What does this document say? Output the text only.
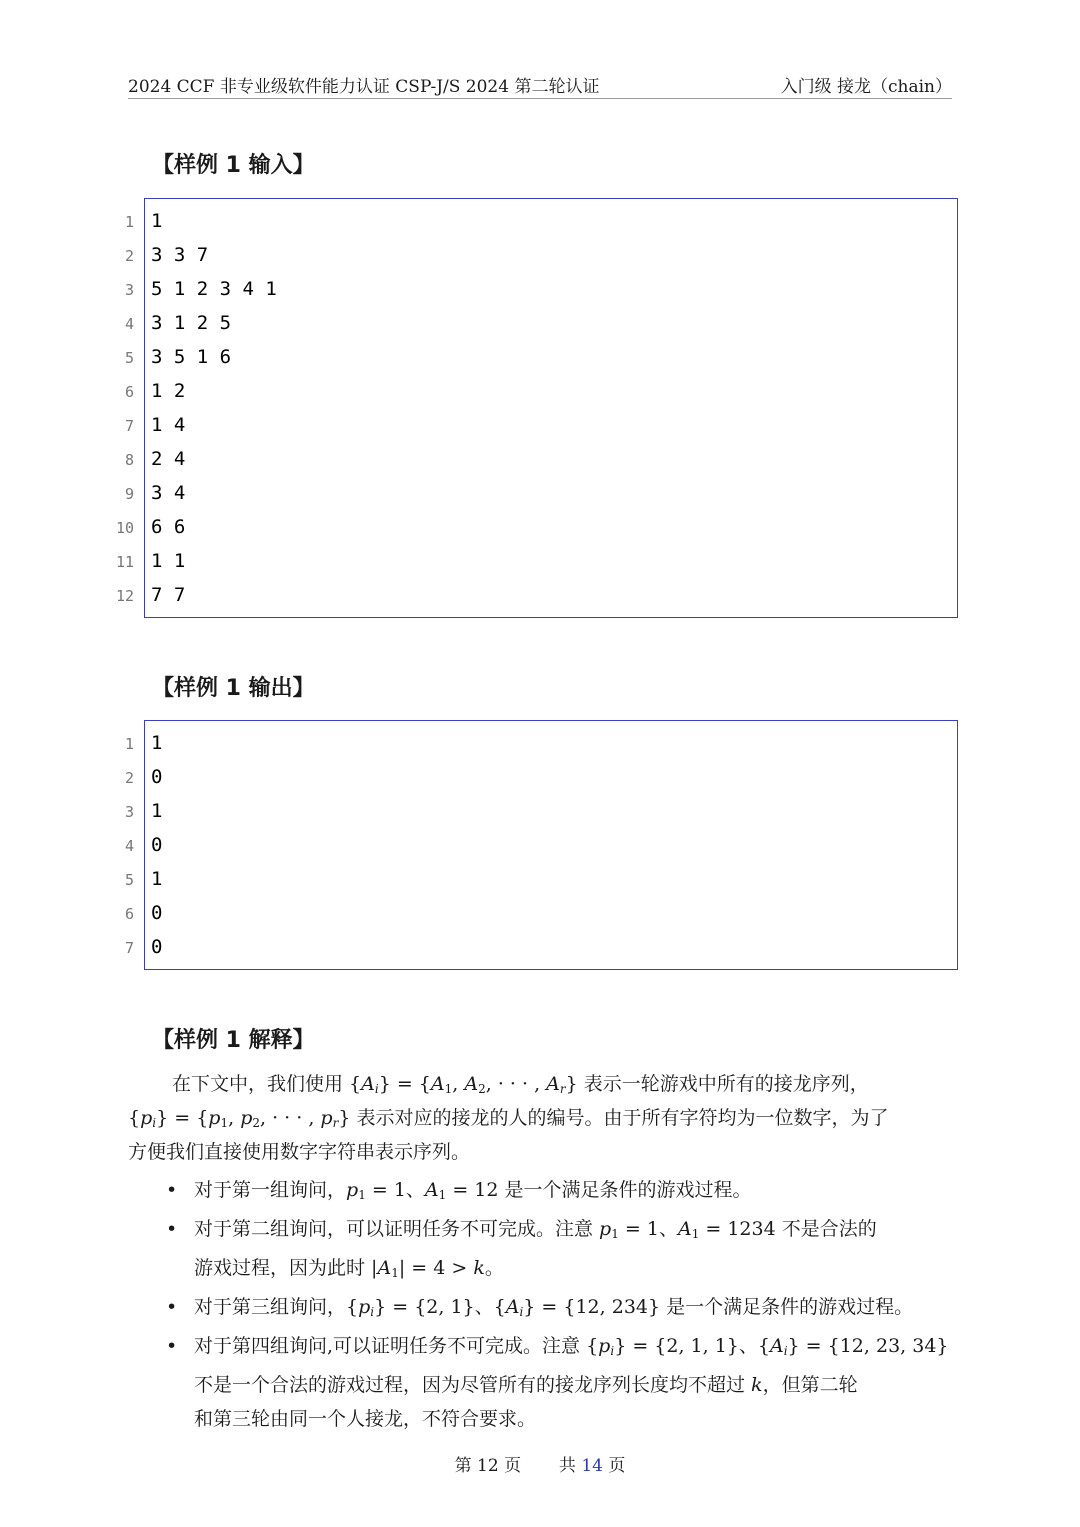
2024 CCF 非专业级软件能力认证 CSP-J/S 2024 第二轮认证	入门级 接龙（chain）
【样例 1 输入】
1 1
2 3 3 7
3 5 1 2 3 4 1
4 3 1 2 5
5 3 5 1 6
6 1 2
7 1 4
8 2 4
9 3 4
10 6 6
11 1 1
12 7 7
【样例 1 输出】
1 1
2 0
3 1
4 0
5 1
6 0
7 0
【样例 1 解释】
在下文中，我们使用 $\{A_i\} = \{A_1$, $A_2$, · · · , $A_r$} 表示一轮游戏中所有的接龙序列，
$\{p_i\} = \{p_1$, $p_2$, · · · , $p_r$} 表示对应的接龙的人的编号。由于所有字符均为一位数字，为了
方便我们直接使用数字字符串表示序列。

• 对于第一组询问，$p_1 = 1$、$A_1 = 12$ 是一个满足条件的游戏过程。

• 对于第二组询问，可以证明任务不可完成。注意 $p_1 = 1$、$A_1 = 1234$ 不是合法的
游戏过程，因为此时 $|A_1| = 4 > k$。

• 对于第三组询问，$\{p_i\} = \{2$, 1}、$\{A_i\} = \{12$, 234} 是一个满足条件的游戏过程。

• 对于第四组询问,可以证明任务不可完成。注意 $\{p_i\} = \{2$, 1, 1}、$\{A_i\} = \{12$, 23, 34}
不是一个合法的游戏过程，因为尽管所有的接龙序列长度均不超过 k，但第二轮
和第三轮由同一个人接龙，不符合要求。

第 12 页 共 14 页
